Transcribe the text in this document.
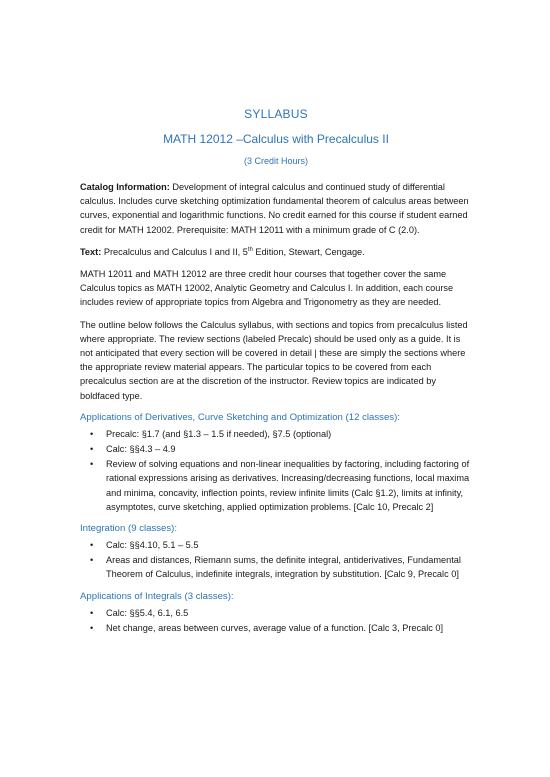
SYLLABUS
MATH 12012 –Calculus with Precalculus II
(3 Credit Hours)

Catalog Information: Development of integral calculus and continued study of differential calculus. Includes curve sketching optimization fundamental theorem of calculus areas between curves, exponential and logarithmic functions. No credit earned for this course if student earned credit for MATH 12002. Prerequisite: MATH 12011 with a minimum grade of C (2.0).

Text: Precalculus and Calculus I and II, 5th Edition, Stewart, Cengage.

MATH 12011 and MATH 12012 are three credit hour courses that together cover the same Calculus topics as MATH 12002, Analytic Geometry and Calculus I. In addition, each course includes review of appropriate topics from Algebra and Trigonometry as they are needed.

The outline below follows the Calculus syllabus, with sections and topics from precalculus listed where appropriate. The review sections (labeled Precalc) should be used only as a guide. It is not anticipated that every section will be covered in detail | these are simply the sections where the appropriate review material appears. The particular topics to be covered from each precalculus section are at the discretion of the instructor. Review topics are indicated by boldfaced type.

Applications of Derivatives, Curve Sketching and Optimization (12 classes):
• Precalc: §1.7 (and §1.3 – 1.5 if needed), §7.5 (optional)
• Calc: §§4.3 – 4.9
• Review of solving equations and non-linear inequalities by factoring, including factoring of rational expressions arising as derivatives. Increasing/decreasing functions, local maxima and minima, concavity, inflection points, review infinite limits (Calc §1.2), limits at infinity, asymptotes, curve sketching, applied optimization problems. [Calc 10, Precalc 2]
Integration (9 classes):
• Calc: §§4.10, 5.1 – 5.5
• Areas and distances, Riemann sums, the definite integral, antiderivatives, Fundamental Theorem of Calculus, indefinite integrals, integration by substitution. [Calc 9, Precalc 0]
Applications of Integrals (3 classes):
• Calc: §§5.4, 6.1, 6.5
• Net change, areas between curves, average value of a function. [Calc 3, Precalc 0]
